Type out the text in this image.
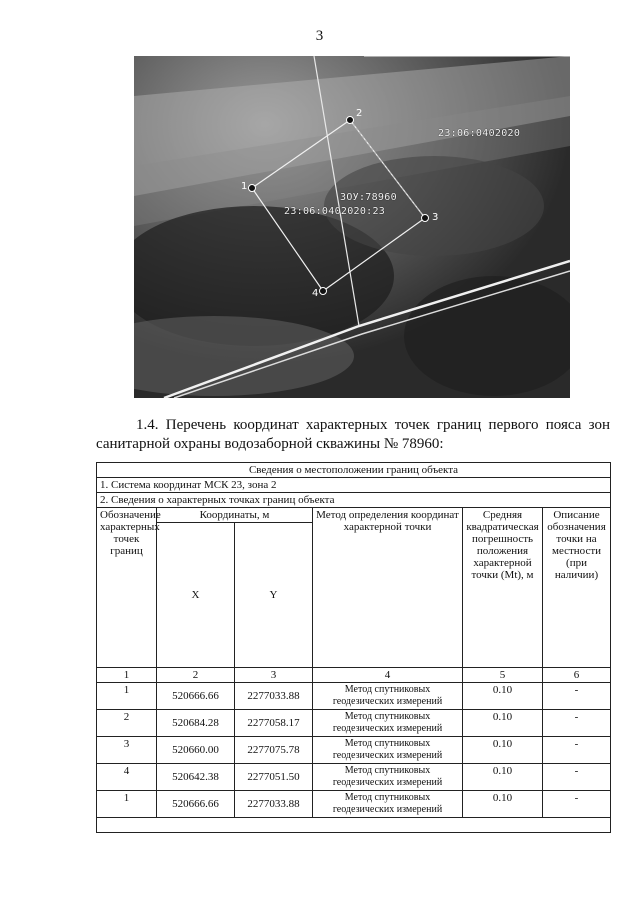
3
23:06:0402020
ЗОУ:78960
23:06:0402020:23
1
2
3
4
1.4. Перечень координат характерных точек границ первого пояса зон санитарной охраны водозаборной скважины № 78960:
Сведения о местоположении границ объекта					
1. Система координат МСК 23, зона 2					
2. Сведения о характерных точках границ объекта					
Обозначение характерных точек границ	Координаты, м		Метод определения координат характерной точки	Средняя квадратическая погрешность положения характерной точки (Mt), м	Описание обозначения точки на местности (при наличии)
	X	Y			
1	2	3	4	5	6
1	520666.66	2277033.88	Метод спутниковых геодезических измерений	0.10	-
2	520684.28	2277058.17	Метод спутниковых геодезических измерений	0.10	-
3	520660.00	2277075.78	Метод спутниковых геодезических измерений	0.10	-
4	520642.38	2277051.50	Метод спутниковых геодезических измерений	0.10	-
1	520666.66	2277033.88	Метод спутниковых геодезических измерений	0.10	-
